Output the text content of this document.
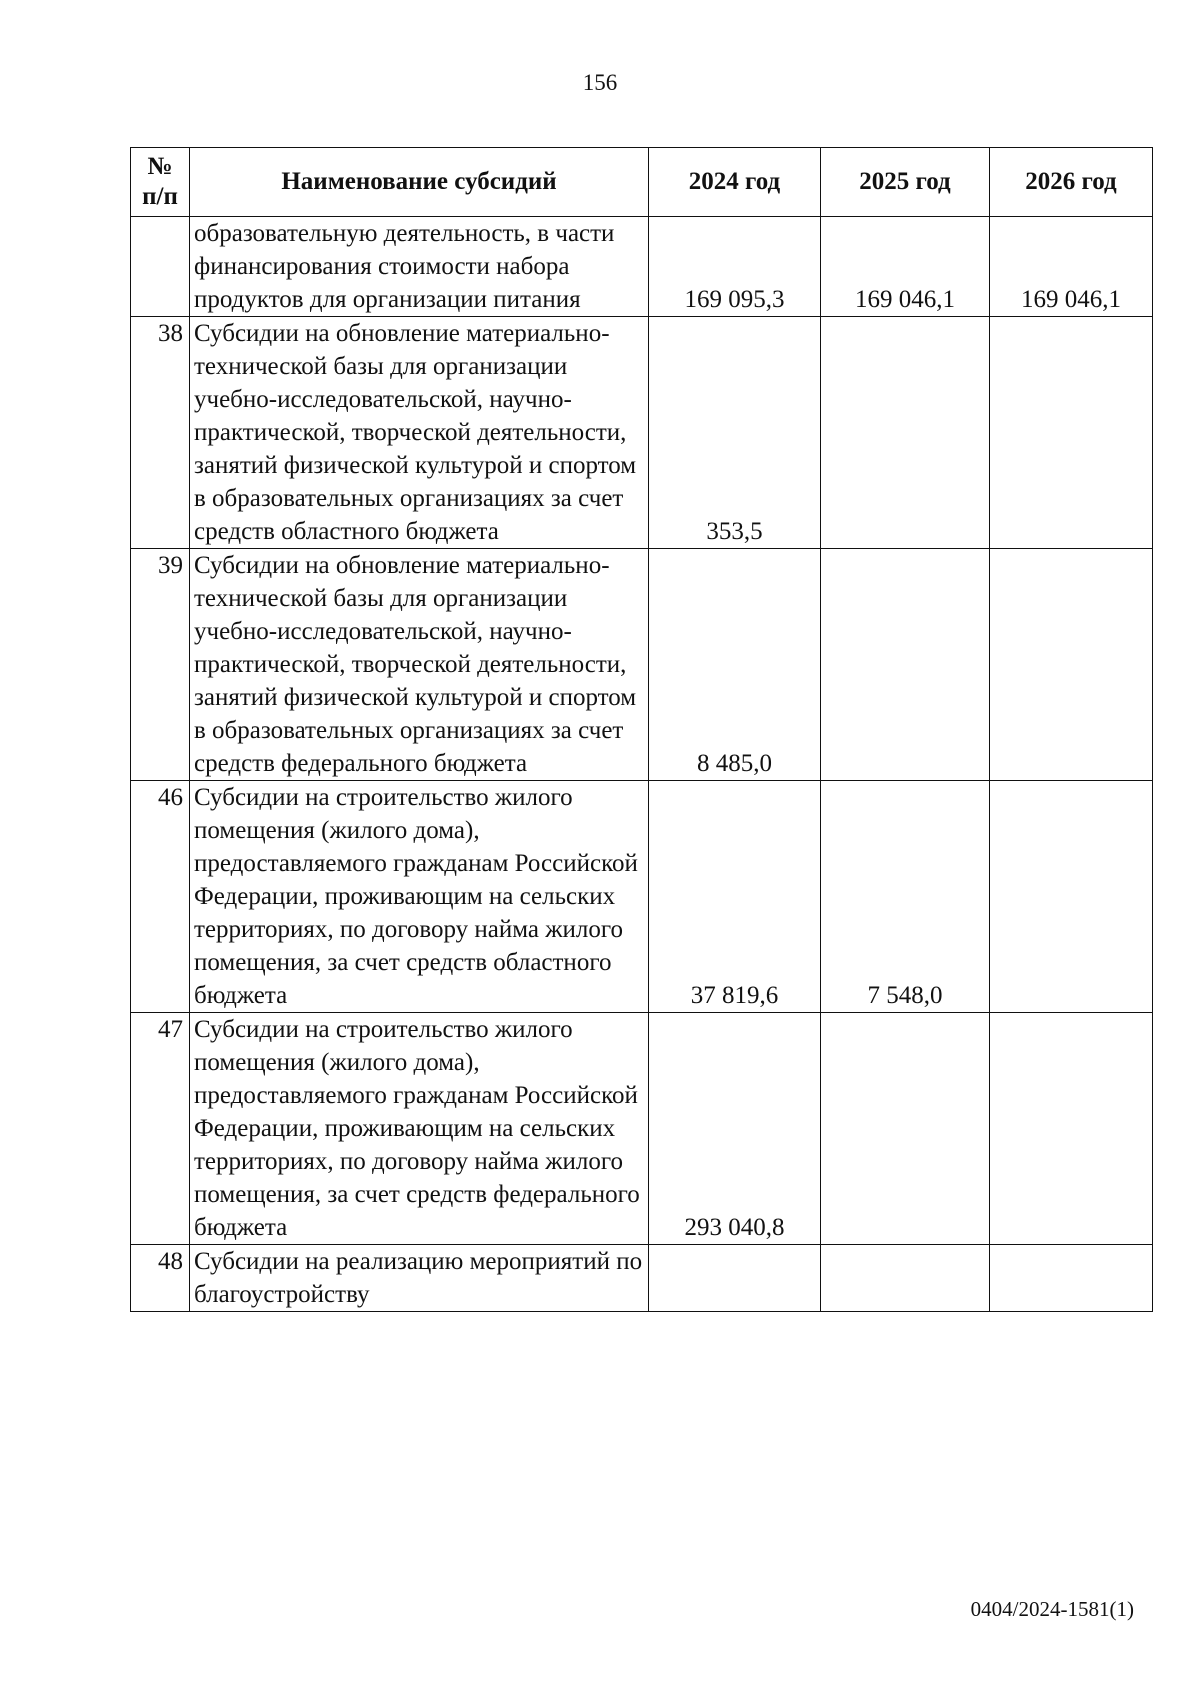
156
№ п/п	Наименование субсидий	2024 год	2025 год	2026 год
	образовательную деятельность, в части финансирования стоимости набора продуктов для организации питания	169 095,3	169 046,1	169 046,1
38	Субсидии на обновление материально-технической базы для организации учебно-исследовательской, научно-практической, творческой деятельности, занятий физической культурой и спортом в образовательных организациях за счет средств областного бюджета	353,5		
39	Субсидии на обновление материально-технической базы для организации учебно-исследовательской, научно-практической, творческой деятельности, занятий физической культурой и спортом в образовательных организациях за счет средств федерального бюджета	8 485,0		
46	Субсидии на строительство жилого помещения (жилого дома), предоставляемого гражданам Российской Федерации, проживающим на сельских территориях, по договору найма жилого помещения, за счет средств областного бюджета	37 819,6	7 548,0	
47	Субсидии на строительство жилого помещения (жилого дома), предоставляемого гражданам Российской Федерации, проживающим на сельских территориях, по договору найма жилого помещения, за счет средств федерального бюджета	293 040,8		
48	Субсидии на реализацию мероприятий по благоустройству			
0404/2024-1581(1)
